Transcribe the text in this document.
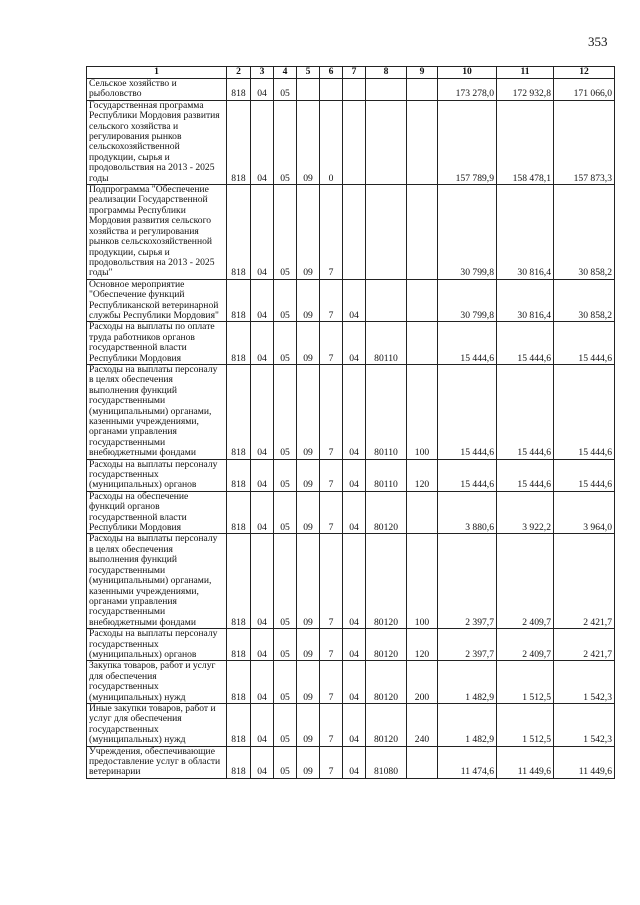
353
1	2	3	4	5	6	7	8	9	10	11	12
Сельское хозяйство и рыболовство	818	04	05						173 278,0	172 932,8	171 066,0
Государственная программа Республики Мордовия развития сельского хозяйства и регулирования рынков сельскохозяйственной продукции, сырья и продовольствия на 2013 - 2025 годы	818	04	05	09	0				157 789,9	158 478,1	157 873,3
Подпрограмма "Обеспечение реализации Государственной программы Республики Мордовия развития сельского хозяйства и регулирования рынков сельскохозяйственной продукции, сырья и продовольствия на 2013 - 2025 годы"	818	04	05	09	7				30 799,8	30 816,4	30 858,2
Основное мероприятие "Обеспечение функций Республиканской ветеринарной службы Республики Мордовия"	818	04	05	09	7	04			30 799,8	30 816,4	30 858,2
Расходы на выплаты по оплате труда работников органов государственной власти Республики Мордовия	818	04	05	09	7	04	80110		15 444,6	15 444,6	15 444,6
Расходы на выплаты персоналу в целях обеспечения выполнения функций государственными (муниципальными) органами, казенными учреждениями, органами управления государственными внебюджетными фондами	818	04	05	09	7	04	80110	100	15 444,6	15 444,6	15 444,6
Расходы на выплаты персоналу государственных (муниципальных) органов	818	04	05	09	7	04	80110	120	15 444,6	15 444,6	15 444,6
Расходы на обеспечение функций органов государственной власти Республики Мордовия	818	04	05	09	7	04	80120		3 880,6	3 922,2	3 964,0
Расходы на выплаты персоналу в целях обеспечения выполнения функций государственными (муниципальными) органами, казенными учреждениями, органами управления государственными внебюджетными фондами	818	04	05	09	7	04	80120	100	2 397,7	2 409,7	2 421,7
Расходы на выплаты персоналу государственных (муниципальных) органов	818	04	05	09	7	04	80120	120	2 397,7	2 409,7	2 421,7
Закупка товаров, работ и услуг для обеспечения государственных (муниципальных) нужд	818	04	05	09	7	04	80120	200	1 482,9	1 512,5	1 542,3
Иные закупки товаров, работ и услуг для обеспечения государственных (муниципальных) нужд	818	04	05	09	7	04	80120	240	1 482,9	1 512,5	1 542,3
Учреждения, обеспечивающие предоставление услуг в области ветеринарии	818	04	05	09	7	04	81080		11 474,6	11 449,6	11 449,6
